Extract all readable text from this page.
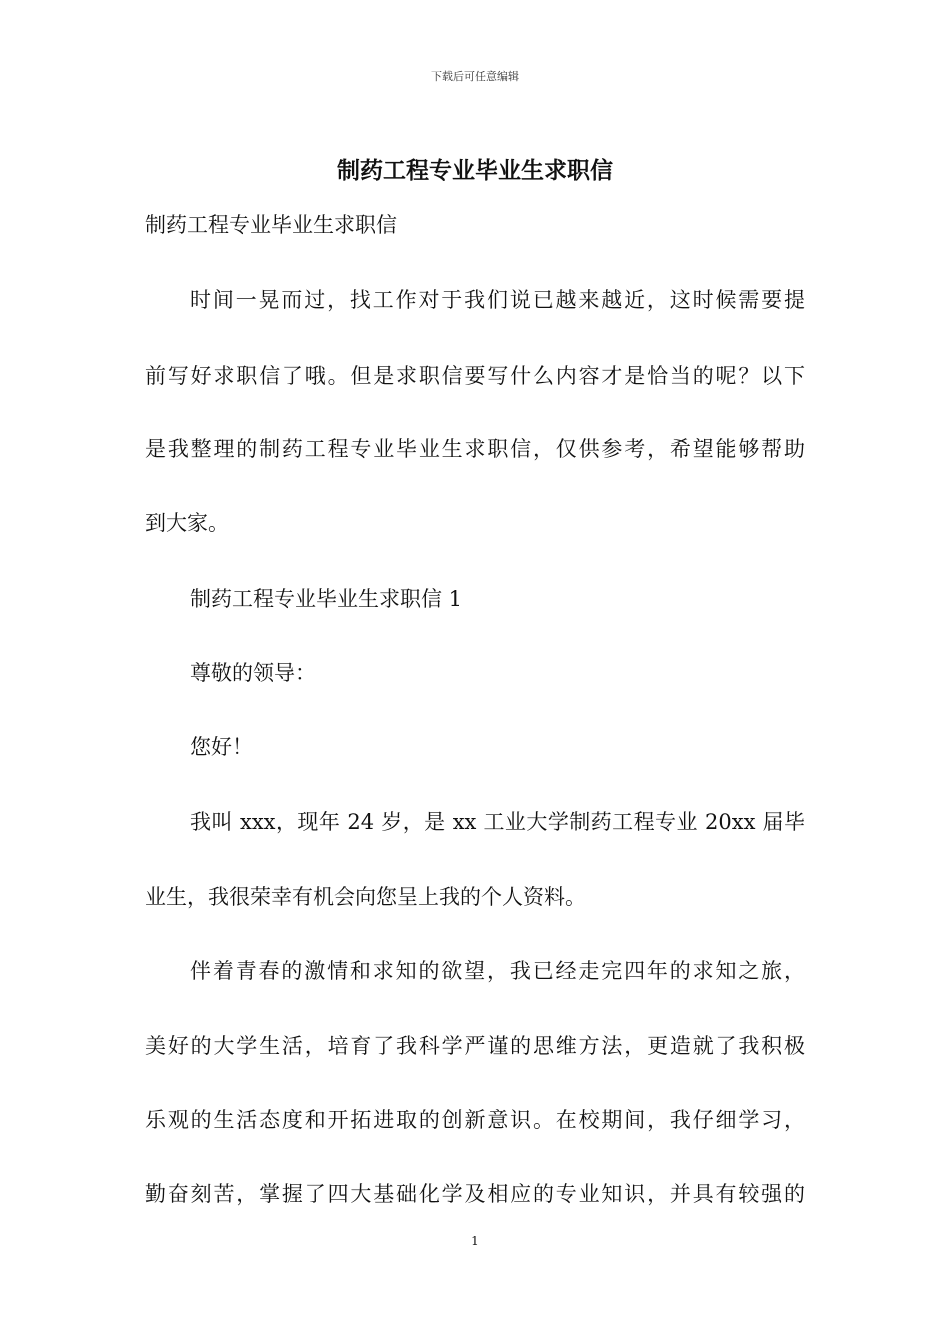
下载后可任意编辑
制药工程专业毕业生求职信
制药工程专业毕业生求职信
时间一晃而过，找工作对于我们说已越来越近，这时候需要提
前写好求职信了哦。但是求职信要写什么内容才是恰当的呢？以下
是我整理的制药工程专业毕业生求职信，仅供参考，希望能够帮助
到大家。
制药工程专业毕业生求职信 1
尊敬的领导：
您好！
我叫 xxx，现年 24 岁，是 xx 工业大学制药工程专业 20xx 届毕
业生，我很荣幸有机会向您呈上我的个人资料。
伴着青春的激情和求知的欲望，我已经走完四年的求知之旅，
美好的大学生活，培育了我科学严谨的思维方法，更造就了我积极
乐观的生活态度和开拓进取的创新意识。在校期间，我仔细学习，
勤奋刻苦，掌握了四大基础化学及相应的专业知识，并具有较强的
1
